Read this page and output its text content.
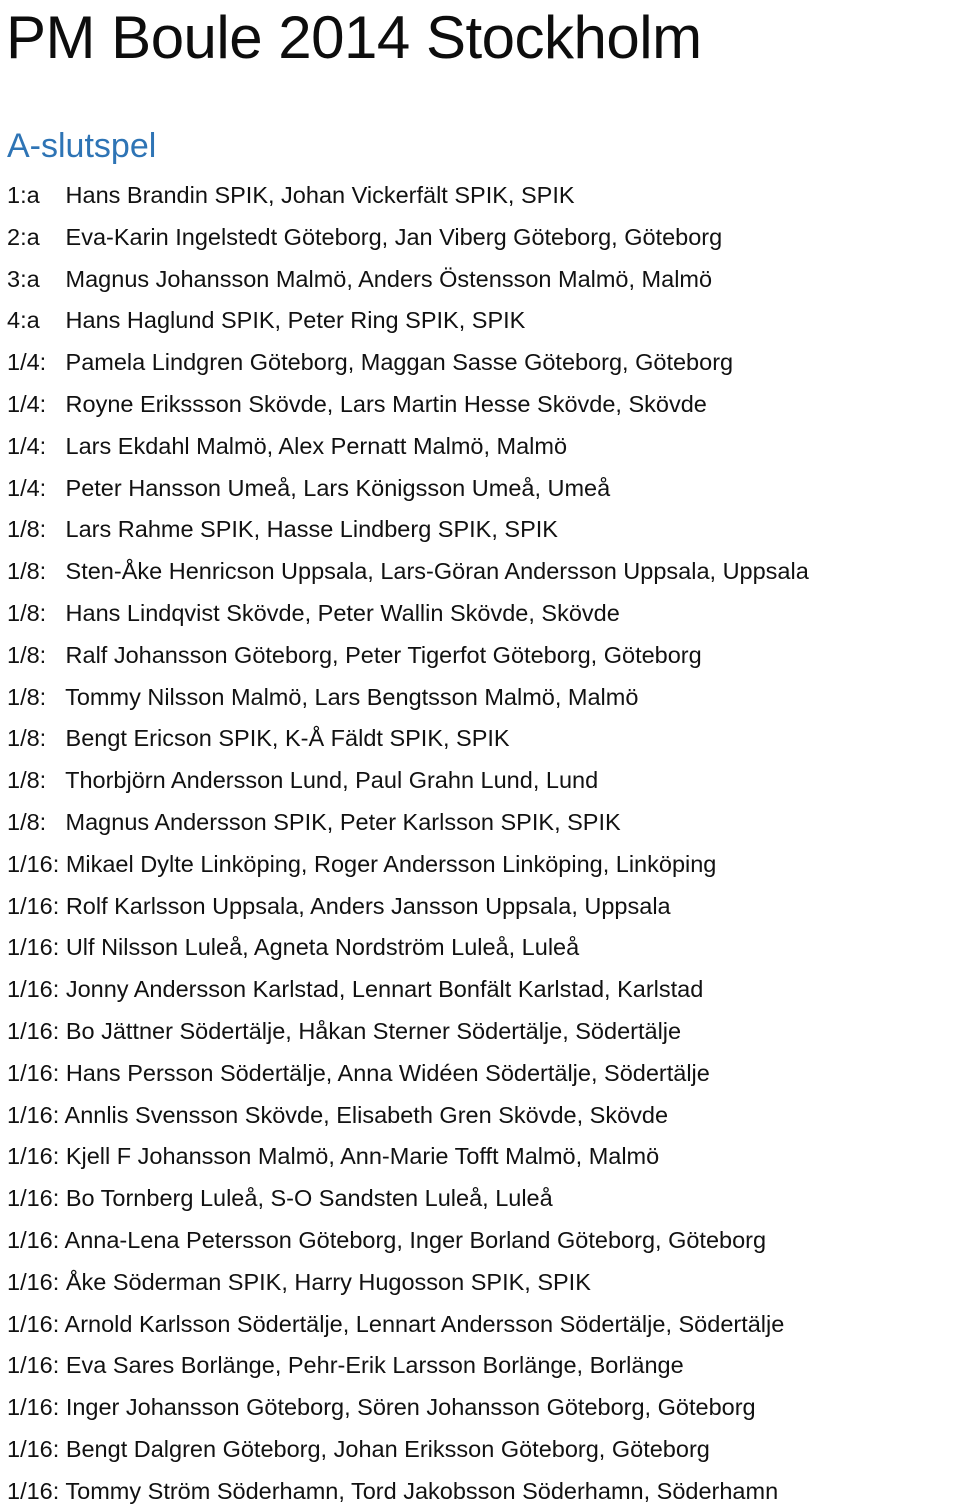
PM Boule 2014 Stockholm
A-slutspel
1:a Hans Brandin SPIK, Johan Vickerfält SPIK, SPIK
2:a Eva-Karin Ingelstedt Göteborg, Jan Viberg Göteborg, Göteborg
3:a Magnus Johansson Malmö, Anders Östensson Malmö, Malmö
4:a Hans Haglund SPIK, Peter Ring SPIK, SPIK
1/4: Pamela Lindgren Göteborg, Maggan Sasse Göteborg, Göteborg
1/4: Royne Erikssson Skövde, Lars Martin Hesse Skövde, Skövde
1/4: Lars Ekdahl Malmö, Alex Pernatt Malmö, Malmö
1/4: Peter Hansson Umeå, Lars Königsson Umeå, Umeå
1/8: Lars Rahme SPIK, Hasse Lindberg SPIK, SPIK
1/8: Sten-Åke Henricson Uppsala, Lars-Göran Andersson Uppsala, Uppsala
1/8: Hans Lindqvist Skövde, Peter Wallin Skövde, Skövde
1/8: Ralf Johansson Göteborg, Peter Tigerfot Göteborg, Göteborg
1/8: Tommy Nilsson Malmö, Lars Bengtsson Malmö, Malmö
1/8: Bengt Ericson SPIK, K-Å Fäldt SPIK, SPIK
1/8: Thorbjörn Andersson Lund, Paul Grahn Lund, Lund
1/8: Magnus Andersson SPIK, Peter Karlsson SPIK, SPIK
1/16: Mikael Dylte Linköping, Roger Andersson Linköping, Linköping
1/16: Rolf Karlsson Uppsala, Anders Jansson Uppsala, Uppsala
1/16: Ulf Nilsson Luleå, Agneta Nordström Luleå, Luleå
1/16: Jonny Andersson Karlstad, Lennart Bonfält Karlstad, Karlstad
1/16: Bo Jättner Södertälje, Håkan Sterner Södertälje, Södertälje
1/16: Hans Persson Södertälje, Anna Widéen Södertälje, Södertälje
1/16: Annlis Svensson Skövde, Elisabeth Gren Skövde, Skövde
1/16: Kjell F Johansson Malmö, Ann-Marie Tofft Malmö, Malmö
1/16: Bo Tornberg Luleå, S-O Sandsten Luleå, Luleå
1/16: Anna-Lena Petersson Göteborg, Inger Borland Göteborg, Göteborg
1/16: Åke Söderman SPIK, Harry Hugosson SPIK, SPIK
1/16: Arnold Karlsson Södertälje, Lennart Andersson Södertälje, Södertälje
1/16: Eva Sares Borlänge, Pehr-Erik Larsson Borlänge, Borlänge
1/16: Inger Johansson Göteborg, Sören Johansson Göteborg, Göteborg
1/16: Bengt Dalgren Göteborg, Johan Eriksson Göteborg, Göteborg
1/16: Tommy Ström Söderhamn, Tord Jakobsson Söderhamn, Söderhamn
